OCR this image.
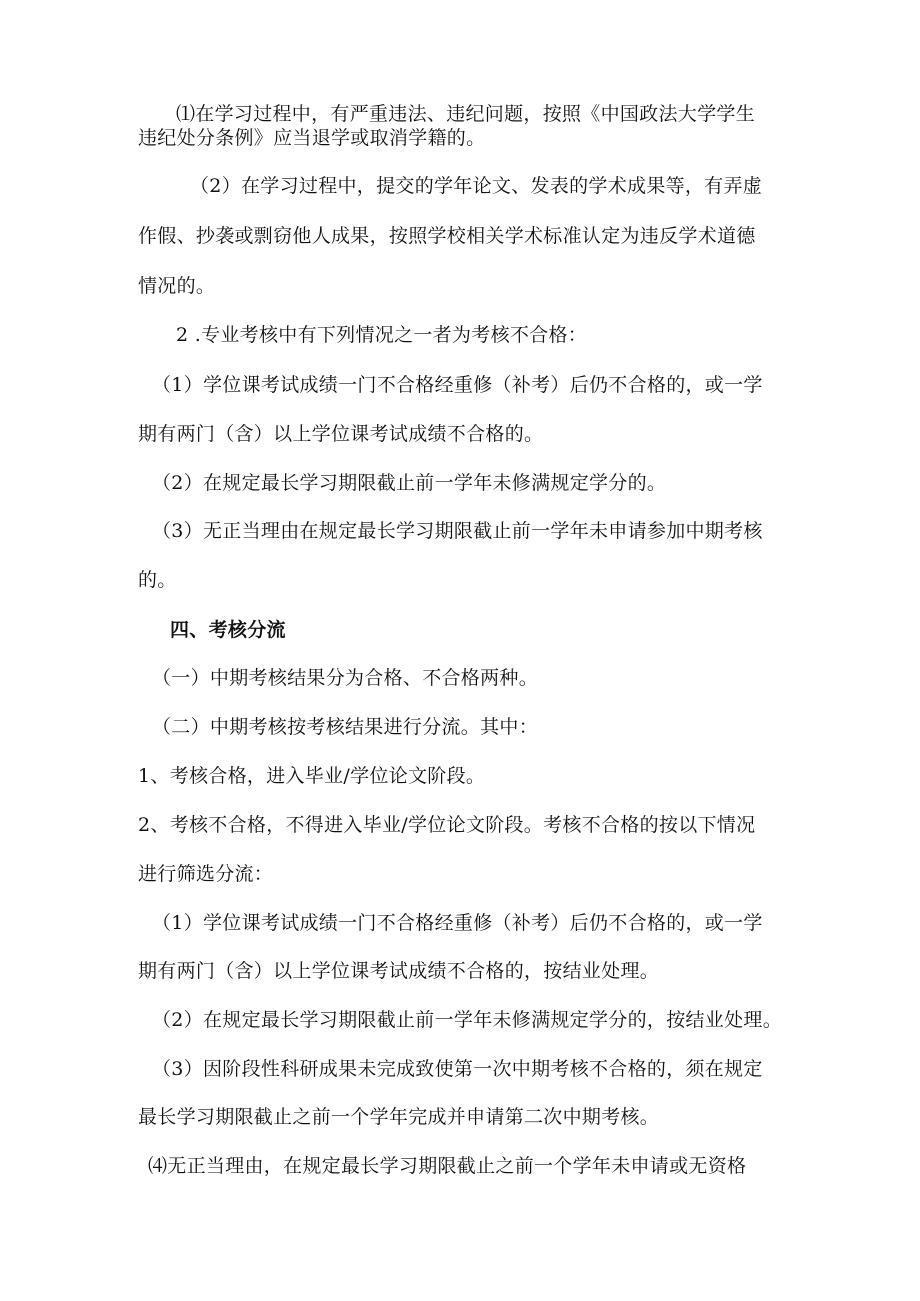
⑴在学习过程中，有严重违法、违纪问题，按照《中国政法大学学生
违纪处分条例》应当退学或取消学籍的。
（2）在学习过程中，提交的学年论文、发表的学术成果等，有弄虚
作假、抄袭或剽窃他人成果，按照学校相关学术标准认定为违反学术道德
情况的。
2 .专业考核中有下列情况之一者为考核不合格：
（1）学位课考试成绩一门不合格经重修（补考）后仍不合格的，或一学
期有两门（含）以上学位课考试成绩不合格的。
（2）在规定最长学习期限截止前一学年未修满规定学分的。
（3）无正当理由在规定最长学习期限截止前一学年未申请参加中期考核
的。
四、考核分流
（一）中期考核结果分为合格、不合格两种。
（二）中期考核按考核结果进行分流。其中：
1、考核合格，进入毕业/学位论文阶段。
2、考核不合格，不得进入毕业/学位论文阶段。考核不合格的按以下情况
进行筛选分流：
（1）学位课考试成绩一门不合格经重修（补考）后仍不合格的，或一学
期有两门（含）以上学位课考试成绩不合格的，按结业处理。
（2）在规定最长学习期限截止前一学年未修满规定学分的，按结业处理。
（3）因阶段性科研成果未完成致使第一次中期考核不合格的，须在规定
最长学习期限截止之前一个学年完成并申请第二次中期考核。
⑷无正当理由，在规定最长学习期限截止之前一个学年未申请或无资格
